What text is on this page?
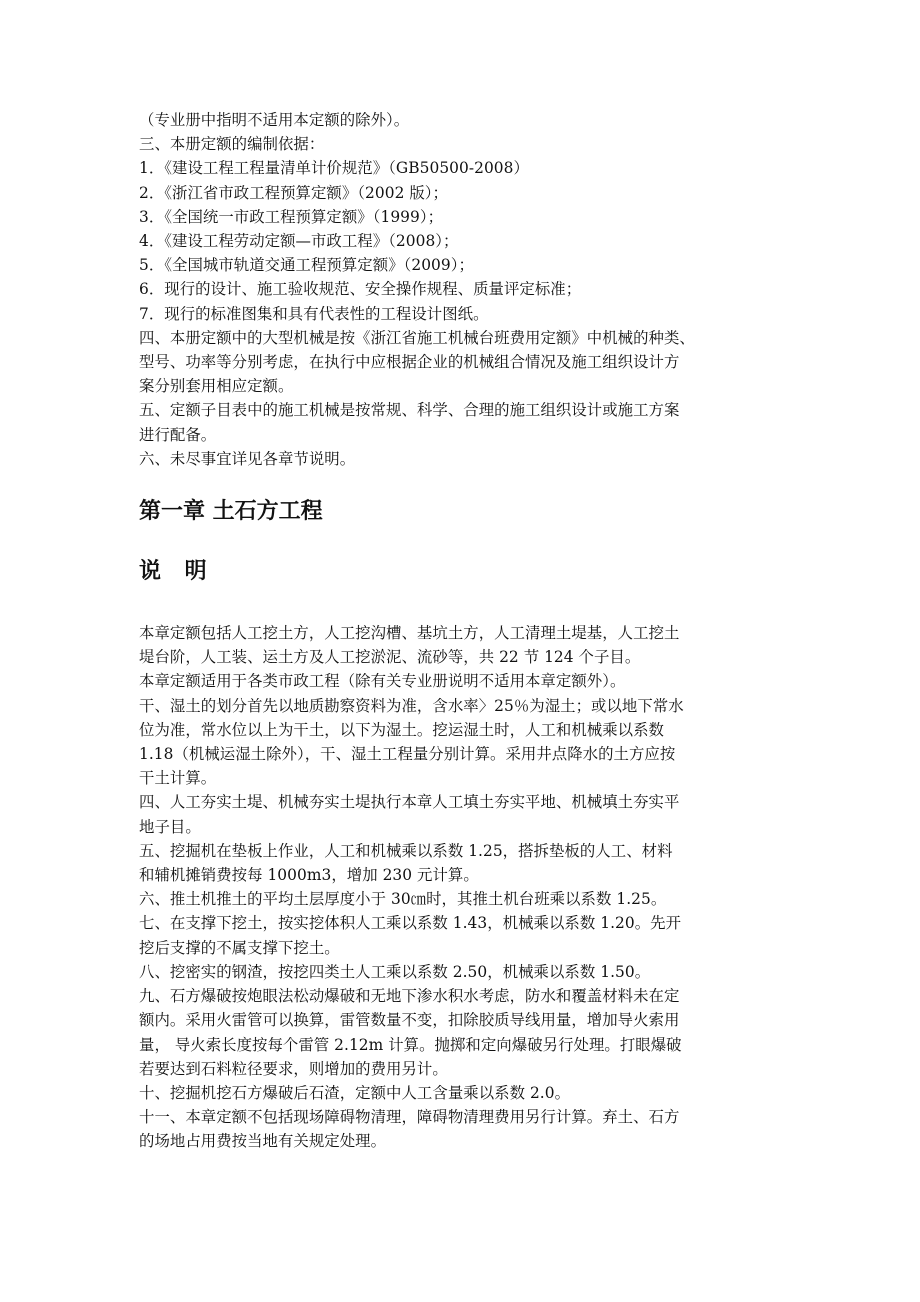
（专业册中指明不适用本定额的除外）。
三、本册定额的编制依据：
1．《建设工程工程量清单计价规范》（GB50500-2008）
2．《浙江省市政工程预算定额》（2002 版）；
3．《全国统一市政工程预算定额》（1999）；
4．《建设工程劳动定额—市政工程》（2008）；
5．《全国城市轨道交通工程预算定额》（2009）；
6．现行的设计、施工验收规范、安全操作规程、质量评定标准；
7．现行的标准图集和具有代表性的工程设计图纸。
四、本册定额中的大型机械是按《浙江省施工机械台班费用定额》中机械的种类、
型号、功率等分别考虑，在执行中应根据企业的机械组合情况及施工组织设计方
案分别套用相应定额。
五、定额子目表中的施工机械是按常规、科学、合理的施工组织设计或施工方案
进行配备。
六、未尽事宜详见各章节说明。
第一章 土石方工程
说 明
本章定额包括人工挖土方，人工挖沟槽、基坑土方，人工清理土堤基，人工挖土
堤台阶，人工装、运土方及人工挖淤泥、流砂等，共 22 节 124 个子目。
本章定额适用于各类市政工程（除有关专业册说明不适用本章定额外）。
干、湿土的划分首先以地质勘察资料为准，含水率〉25％为湿土；或以地下常水
位为准，常水位以上为干土，以下为湿土。挖运湿土时，人工和机械乘以系数
1.18（机械运湿土除外），干、湿土工程量分别计算。采用井点降水的土方应按
干土计算。
四、人工夯实土堤、机械夯实土堤执行本章人工填土夯实平地、机械填土夯实平
地子目。
五、挖掘机在垫板上作业，人工和机械乘以系数 1.25，搭拆垫板的人工、材料
和辅机摊销费按每 1000m3，增加 230 元计算。
六、推土机推土的平均土层厚度小于 30㎝时，其推土机台班乘以系数 1.25。
七、在支撑下挖土，按实挖体积人工乘以系数 1.43，机械乘以系数 1.20。先开
挖后支撑的不属支撑下挖土。
八、挖密实的钢渣，按挖四类土人工乘以系数 2.50，机械乘以系数 1.50。
九、石方爆破按炮眼法松动爆破和无地下渗水积水考虑，防水和覆盖材料未在定
额内。采用火雷管可以换算，雷管数量不变，扣除胶质导线用量，增加导火索用
量， 导火索长度按每个雷管 2.12m 计算。抛掷和定向爆破另行处理。打眼爆破
若要达到石料粒径要求，则增加的费用另计。
十、挖掘机挖石方爆破后石渣，定额中人工含量乘以系数 2.0。
十一、本章定额不包括现场障碍物清理，障碍物清理费用另行计算。弃土、石方
的场地占用费按当地有关规定处理。
